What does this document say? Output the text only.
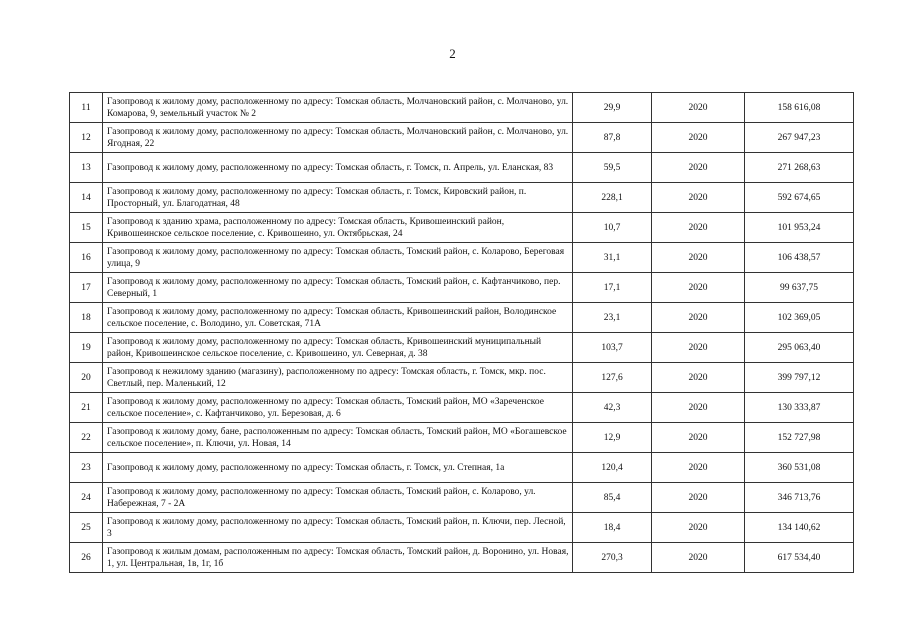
2
11	Газопровод к жилому дому, расположенному по адресу: Томская область, Молчановский район, с. Молчаново, ул. Комарова, 9, земельный участок № 2	29,9	2020	158 616,08
12	Газопровод к жилому дому, расположенному по адресу: Томская область, Молчановский район, с. Молчаново, ул. Ягодная, 22	87,8	2020	267 947,23
13	Газопровод к жилому дому, расположенному по адресу: Томская область, г. Томск, п. Апрель, ул. Еланская, 83	59,5	2020	271 268,63
14	Газопровод к жилому дому, расположенному по адресу: Томская область, г. Томск, Кировский район, п. Просторный, ул. Благодатная, 48	228,1	2020	592 674,65
15	Газопровод к зданию храма, расположенному по адресу: Томская область, Кривошеинский район, Кривошеинское сельское поселение, с. Кривошеино, ул. Октябрьская, 24	10,7	2020	101 953,24
16	Газопровод к жилому дому, расположенному по адресу: Томская область, Томский район, с. Коларово, Береговая улица, 9	31,1	2020	106 438,57
17	Газопровод к жилому дому, расположенному по адресу: Томская область, Томский район, с. Кафтанчиково, пер. Северный, 1	17,1	2020	99 637,75
18	Газопровод к жилому дому, расположенному по адресу: Томская область, Кривошеинский район, Володинское сельское поселение, с. Володино, ул. Советская, 71А	23,1	2020	102 369,05
19	Газопровод к жилому дому, расположенному по адресу: Томская область, Кривошеинский муниципальный район, Кривошеинское сельское поселение, с. Кривошеино, ул. Северная, д. 38	103,7	2020	295 063,40
20	Газопровод к нежилому зданию (магазину), расположенному по адресу: Томская область, г. Томск, мкр. пос. Светлый, пер. Маленький, 12	127,6	2020	399 797,12
21	Газопровод к жилому дому, расположенному по адресу: Томская область, Томский район, МО «Зареченское сельское поселение», с. Кафтанчиково, ул. Березовая, д. 6	42,3	2020	130 333,87
22	Газопровод к жилому дому, бане, расположенным по адресу: Томская область, Томский район, МО «Богашевское сельское поселение», п. Ключи, ул. Новая, 14	12,9	2020	152 727,98
23	Газопровод к жилому дому, расположенному по адресу: Томская область, г. Томск, ул. Степная, 1а	120,4	2020	360 531,08
24	Газопровод к жилому дому, расположенному по адресу: Томская область, Томский район, с. Коларово, ул. Набережная, 7 - 2А	85,4	2020	346 713,76
25	Газопровод к жилому дому, расположенному по адресу: Томская область, Томский район, п. Ключи, пер. Лесной, 3	18,4	2020	134 140,62
26	Газопровод к жилым домам, расположенным по адресу: Томская область, Томский район, д. Воронино, ул. Новая, 1, ул. Центральная, 1в, 1г, 1б	270,3	2020	617 534,40
